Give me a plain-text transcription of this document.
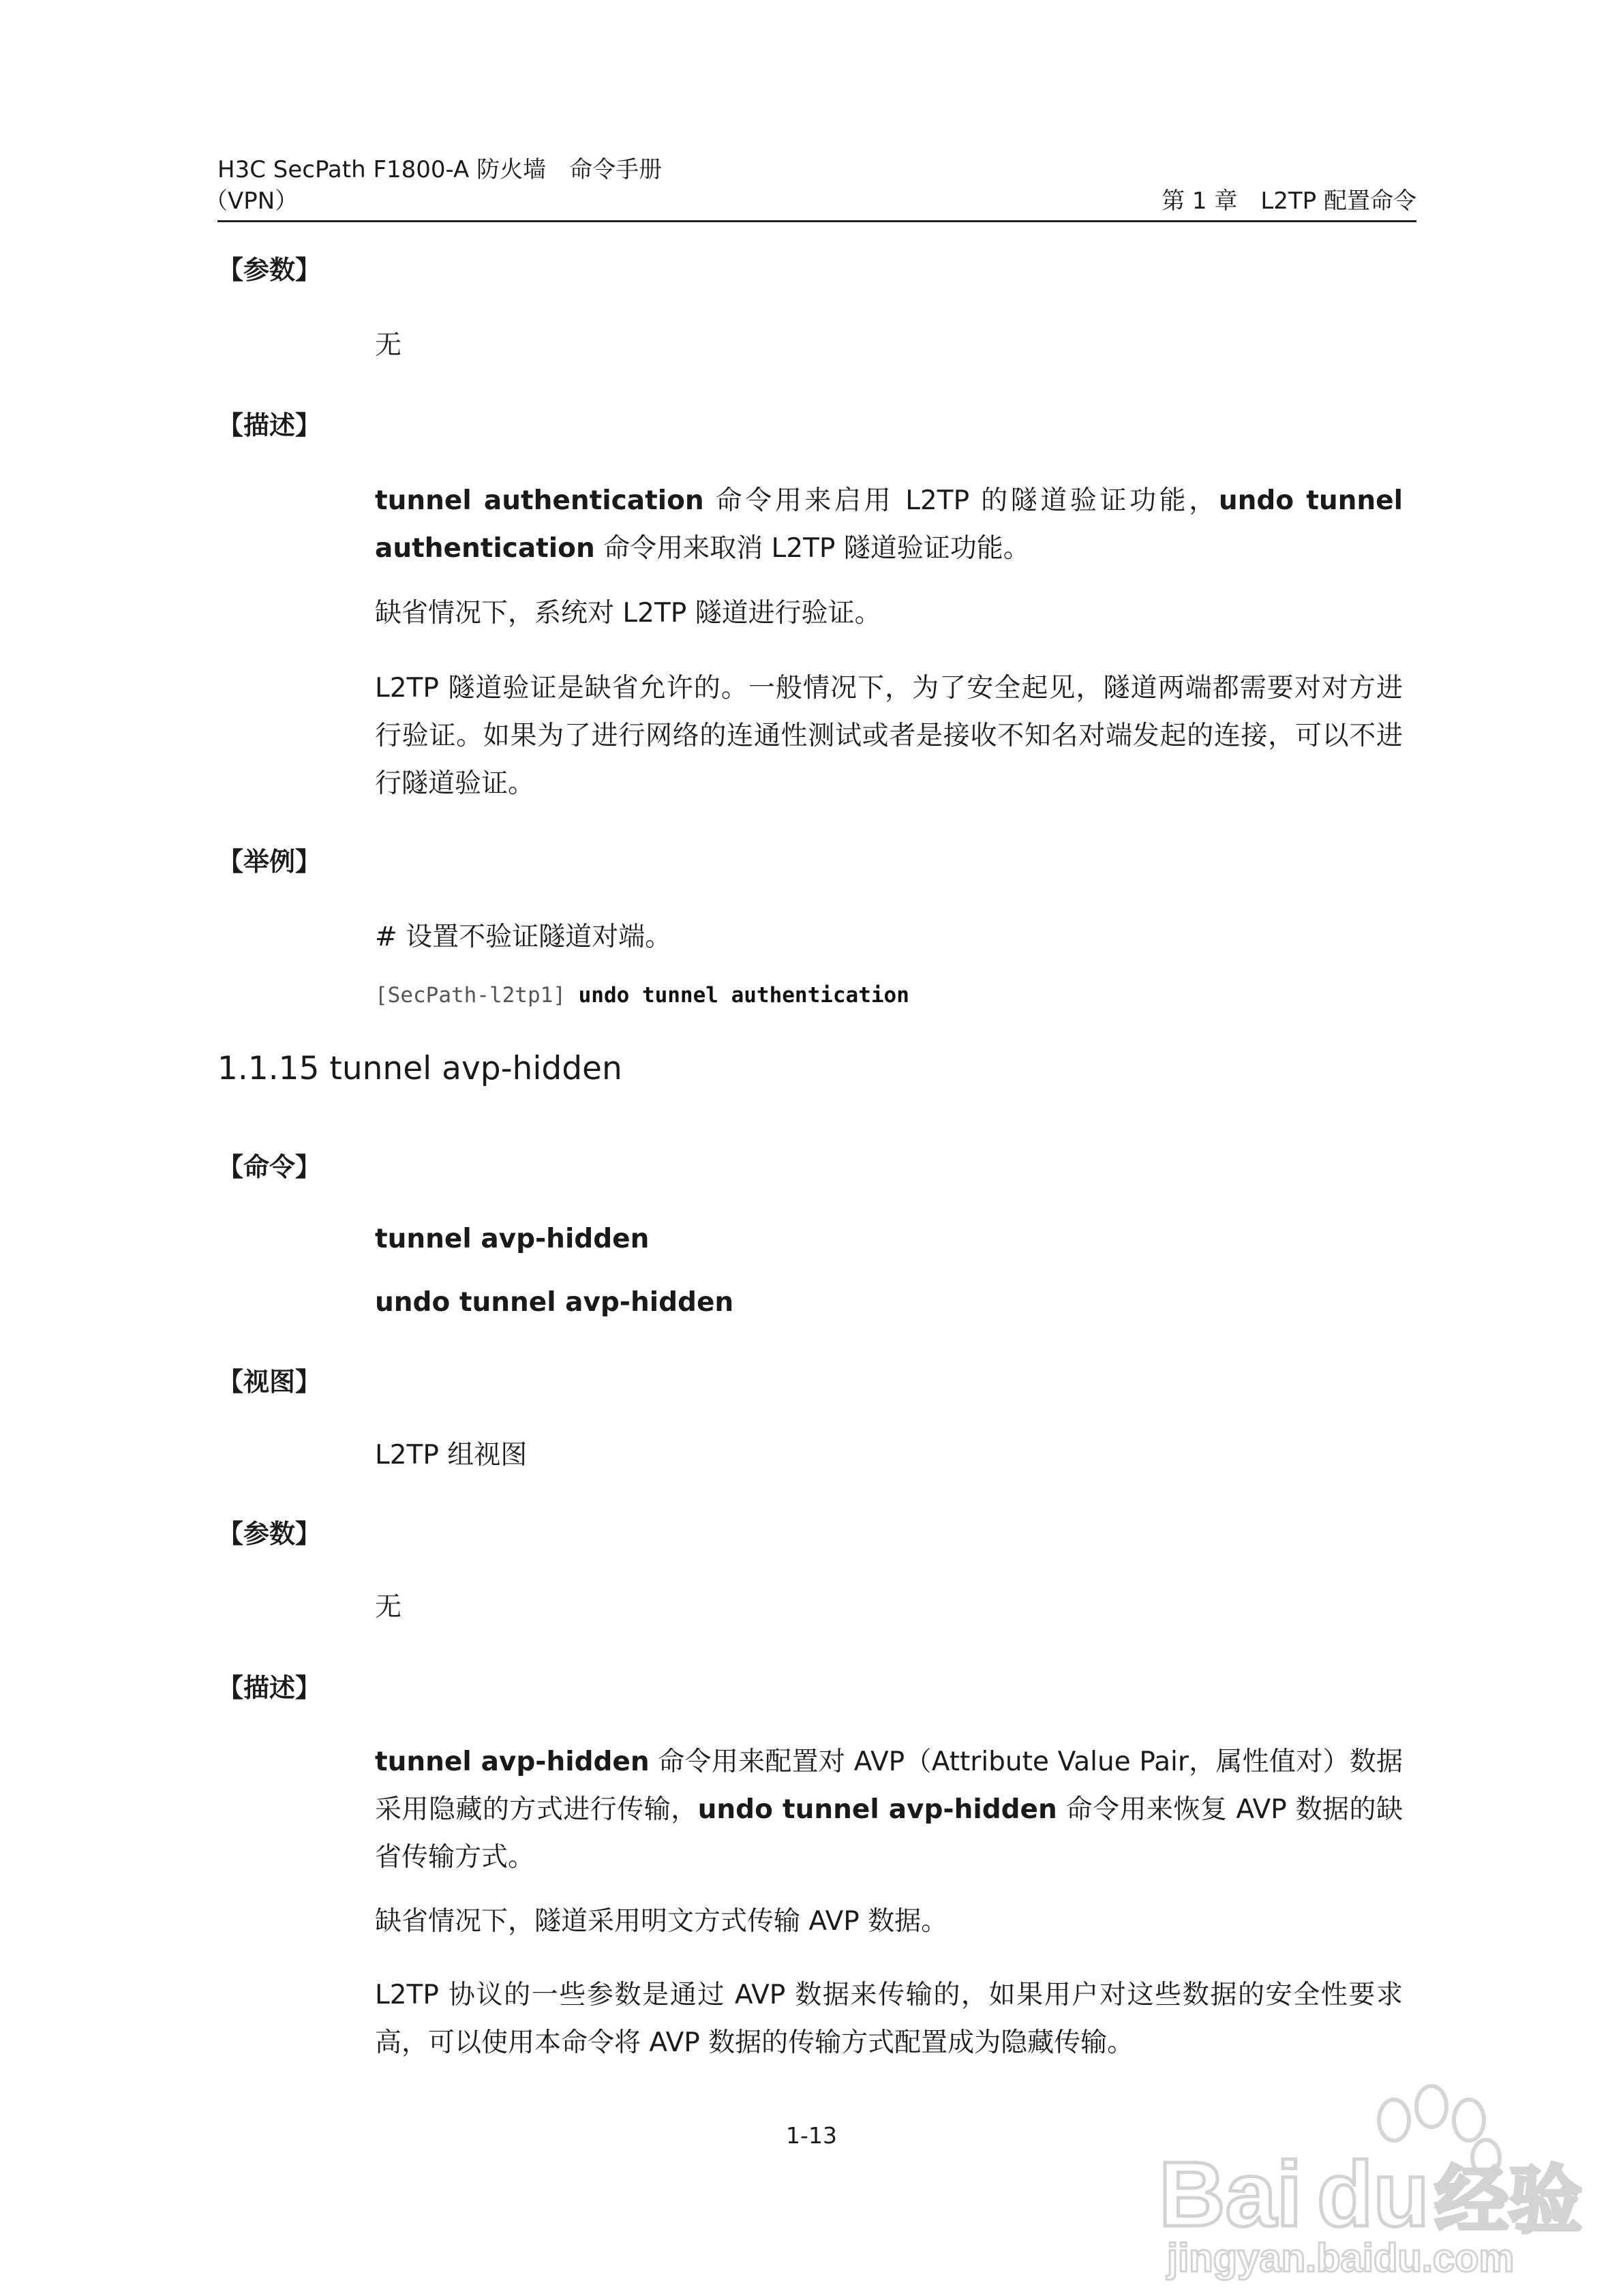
H3C SecPath F1800-A 防火墙　命令手册
（VPN）	第 1 章　L2TP 配置命令
【参数】
无
【描述】
tunnel authentication 命令用来启用 L2TP 的隧道验证功能，undo tunnel authentication 命令用来取消 L2TP 隧道验证功能。
缺省情况下，系统对 L2TP 隧道进行验证。
L2TP 隧道验证是缺省允许的。一般情况下，为了安全起见，隧道两端都需要对对方进行验证。如果为了进行网络的连通性测试或者是接收不知名对端发起的连接，可以不进行隧道验证。
【举例】
# 设置不验证隧道对端。
[SecPath-l2tp1] undo tunnel authentication
1.1.15 tunnel avp-hidden
【命令】
tunnel avp-hidden
undo tunnel avp-hidden
【视图】
L2TP 组视图
【参数】
无
【描述】
tunnel avp-hidden 命令用来配置对 AVP（Attribute Value Pair，属性值对）数据采用隐藏的方式进行传输，undo tunnel avp-hidden 命令用来恢复 AVP 数据的缺省传输方式。
缺省情况下，隧道采用明文方式传输 AVP 数据。
L2TP 协议的一些参数是通过 AVP 数据来传输的，如果用户对这些数据的安全性要求高，可以使用本命令将 AVP 数据的传输方式配置成为隐藏传输。
1-13
Bai du 经验
jingyan.baidu.com
